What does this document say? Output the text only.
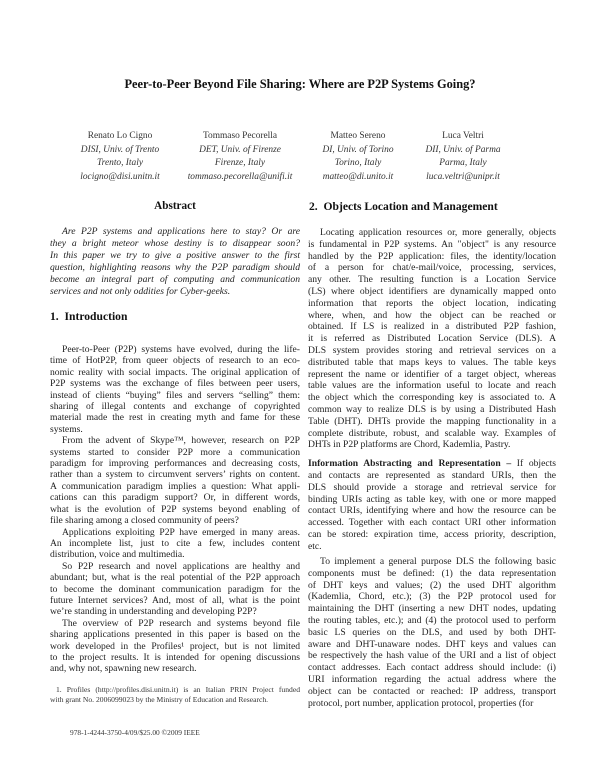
Peer-to-Peer Beyond File Sharing: Where are P2P Systems Going?
Renato Lo Cigno
DISI, Univ. of Trento
Trento, Italy
locigno@disi.unitn.it
Tommaso Pecorella
DET, Univ. of Firenze
Firenze, Italy
tommaso.pecorella@unifi.it
Matteo Sereno
DI, Univ. of Torino
Torino, Italy
matteo@di.unito.it
Luca Veltri
DII, Univ. of Parma
Parma, Italy
luca.veltri@unipr.it
Abstract
Are P2P systems and applications here to stay? Or are
they a bright meteor whose destiny is to disappear soon?
In this paper we try to give a positive answer to the first
question, highlighting reasons why the P2P paradigm should
become an integral part of computing and communication
services and not only oddities for Cyber-geeks.
1.  Introduction
Peer-to-Peer (P2P) systems have evolved, during the life-
time of HotP2P, from queer objects of research to an eco-
nomic reality with social impacts. The original application of
P2P systems was the exchange of files between peer users,
instead of clients “buying” files and servers “selling” them:
sharing of illegal contents and exchange of copyrighted
material made the rest in creating myth and fame for these
systems.
From the advent of Skype™, however, research on P2P
systems started to consider P2P more a communication
paradigm for improving performances and decreasing costs,
rather than a system to circumvent servers’ rights on content.
A communication paradigm implies a question: What appli-
cations can this paradigm support? Or, in different words,
what is the evolution of P2P systems beyond enabling of
file sharing among a closed community of peers?
Applications exploiting P2P have emerged in many areas.
An incomplete list, just to cite a few, includes content
distribution, voice and multimedia.
So P2P research and novel applications are healthy and
abundant; but, what is the real potential of the P2P approach
to become the dominant communication paradigm for the
future Internet services? And, most of all, what is the point
we’re standing in understanding and developing P2P?
The overview of P2P research and systems beyond file
sharing applications presented in this paper is based on the
work developed in the Profiles¹ project, but is not limited
to the project results. It is intended for opening discussions
and, why not, spawning new research.
1. Profiles (http://profiles.disi.unitn.it) is an Italian PRIN Project funded
with grant No. 2006099023 by the Ministry of Education and Research.
978-1-4244-3750-4/09/$25.00 ©2009 IEEE
2.  Objects Location and Management
Locating application resources or, more generally, objects
is fundamental in P2P systems. An "object" is any resource
handled by the P2P application: files, the identity/location
of a person for chat/e-mail/voice, processing, services,
any other. The resulting function is a Location Service
(LS) where object identifiers are dynamically mapped onto
information that reports the object location, indicating
where, when, and how the object can be reached or
obtained. If LS is realized in a distributed P2P fashion,
it is referred as Distributed Location Service (DLS). A
DLS system provides storing and retrieval services on a
distributed table that maps keys to values. The table keys
represent the name or identifier of a target object, whereas
table values are the information useful to locate and reach
the object which the corresponding key is associated to. A
common way to realize DLS is by using a Distributed Hash
Table (DHT). DHTs provide the mapping functionality in a
complete distribute, robust, and scalable way. Examples of
DHTs in P2P platforms are Chord, Kademlia, Pastry.
Information Abstracting and Representation – If objects
and contacts are represented as standard URIs, then the
DLS should provide a storage and retrieval service for
binding URIs acting as table key, with one or more mapped
contact URIs, identifying where and how the resource can be
accessed. Together with each contact URI other information
can be stored: expiration time, access priority, description,
etc.
To implement a general purpose DLS the following basic
components must be defined: (1) the data representation
of DHT keys and values; (2) the used DHT algorithm
(Kademlia, Chord, etc.); (3) the P2P protocol used for
maintaining the DHT (inserting a new DHT nodes, updating
the routing tables, etc.); and (4) the protocol used to perform
basic LS queries on the DLS, and used by both DHT-
aware and DHT-unaware nodes. DHT keys and values can
be respectively the hash value of the URI and a list of object
contact addresses. Each contact address should include: (i)
URI information regarding the actual address where the
object can be contacted or reached: IP address, transport
protocol, port number, application protocol, properties (for
